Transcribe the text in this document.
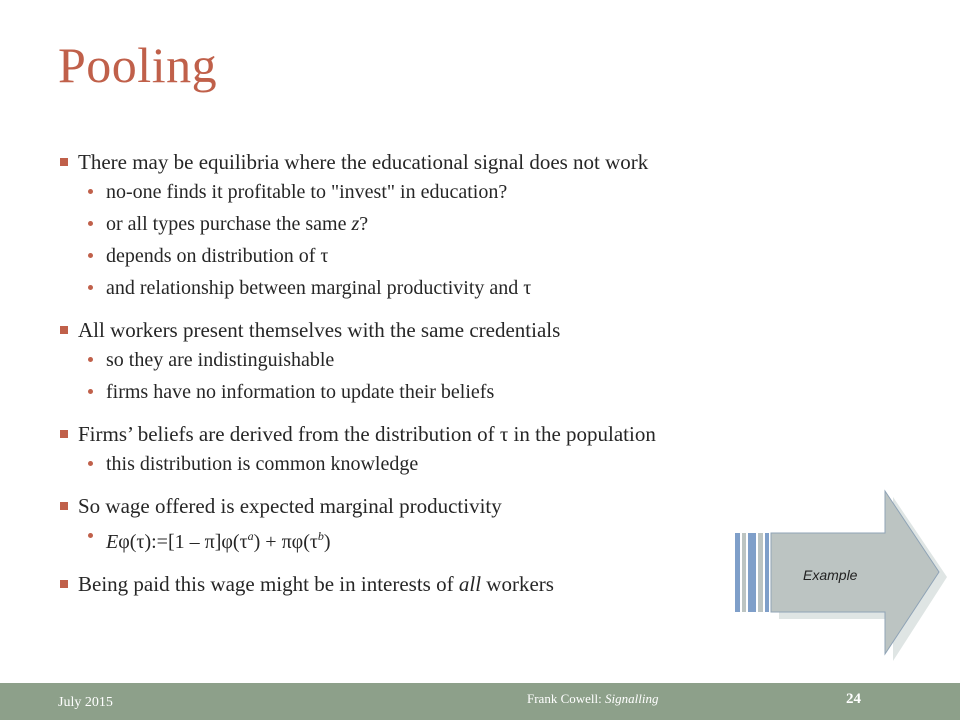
Pooling
There may be equilibria where the educational signal does not work
no-one finds it profitable to "invest" in education?
or all types purchase the same z?
depends on distribution of τ
and relationship between marginal productivity and τ
All workers present themselves with the same credentials
so they are indistinguishable
firms have no information to update their beliefs
Firms’ beliefs are derived from the distribution of τ in the population
this distribution is common knowledge
So wage offered is expected marginal productivity
Eφ(τ):=[1 – $\pi]\varphi(\tau^a) + \pi\varphi(\tau^b)$
Being paid this wage might be in interests of all workers	Example
July 2015	Frank Cowell: Signalling	24
